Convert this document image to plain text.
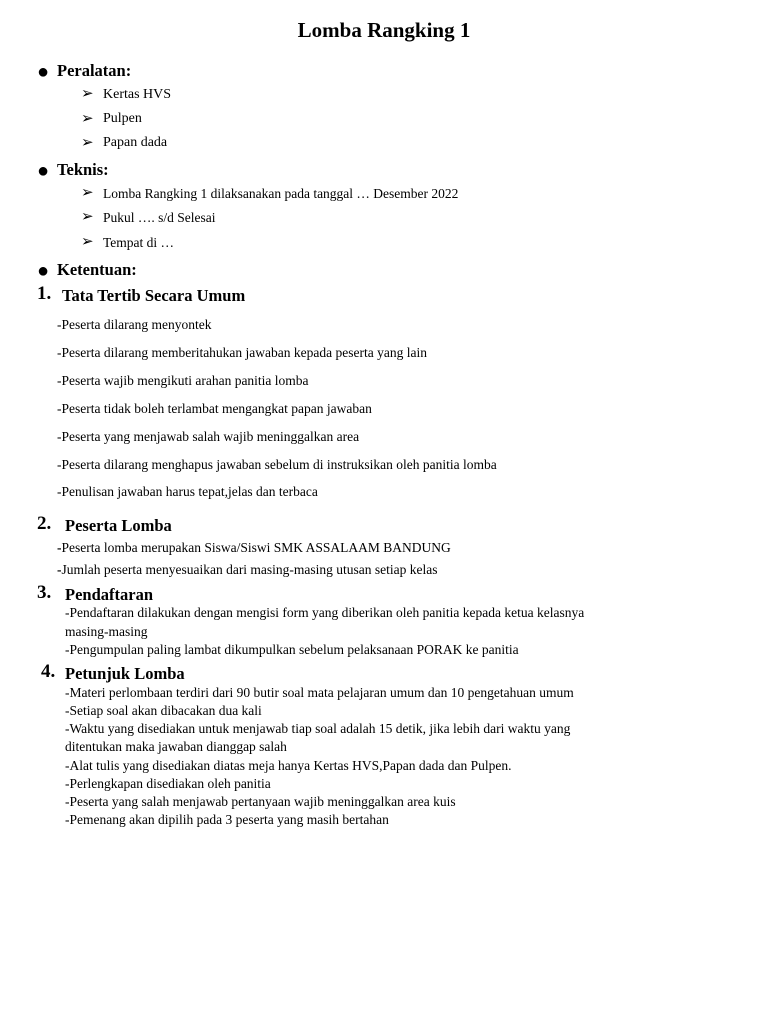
Lomba Rangking 1
● Peralatan:
➢ Kertas HVS
➢ Pulpen
➢ Papan dada
● Teknis:
➢ Lomba Rangking 1 dilaksanakan pada tanggal … Desember 2022
➢ Pukul …. s/d Selesai
➢ Tempat di …
● Ketentuan:
1. Tata Tertib Secara Umum
-Peserta dilarang menyontek
-Peserta dilarang memberitahukan jawaban kepada peserta yang lain
-Peserta wajib mengikuti arahan panitia lomba
-Peserta tidak boleh terlambat mengangkat papan jawaban
-Peserta yang menjawab salah wajib meninggalkan area
-Peserta dilarang menghapus jawaban sebelum di instruksikan oleh panitia lomba
-Penulisan jawaban harus tepat,jelas dan terbaca
2. Peserta Lomba
-Peserta lomba merupakan Siswa/Siswi SMK ASSALAAM BANDUNG
-Jumlah peserta menyesuaikan dari masing-masing utusan setiap kelas
3. Pendaftaran
-Pendaftaran dilakukan dengan mengisi form yang diberikan oleh panitia kepada ketua kelasnya
masing-masing
-Pengumpulan paling lambat dikumpulkan sebelum pelaksanaan PORAK ke panitia
4. Petunjuk Lomba
-Materi perlombaan terdiri dari 90 butir soal mata pelajaran umum dan 10 pengetahuan umum
-Setiap soal akan dibacakan dua kali
-Waktu yang disediakan untuk menjawab tiap soal adalah 15 detik, jika lebih dari waktu yang
ditentukan maka jawaban dianggap salah
-Alat tulis yang disediakan diatas meja hanya Kertas HVS,Papan dada dan Pulpen.
-Perlengkapan disediakan oleh panitia
-Peserta yang salah menjawab pertanyaan wajib meninggalkan area kuis
-Pemenang akan dipilih pada 3 peserta yang masih bertahan
